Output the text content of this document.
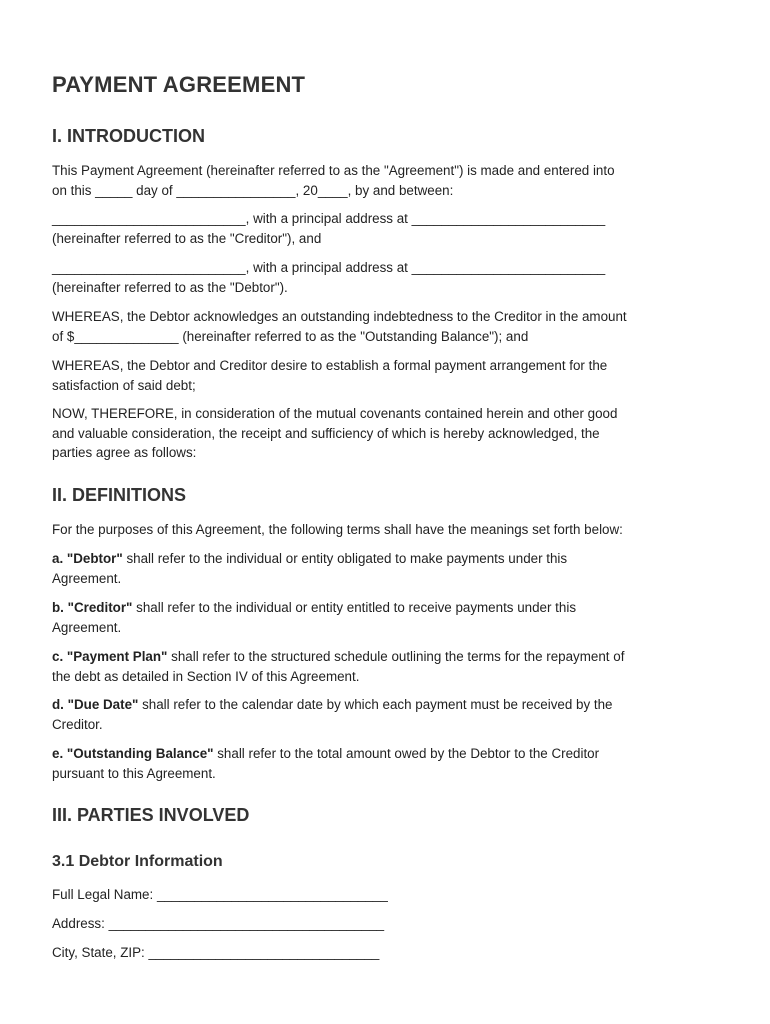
PAYMENT AGREEMENT
I. INTRODUCTION

This Payment Agreement (hereinafter referred to as the "Agreement") is made and entered into
on this _____ day of ________________, 20____, by and between:

__________________________, with a principal address at __________________________
(hereinafter referred to as the "Creditor"), and

__________________________, with a principal address at __________________________
(hereinafter referred to as the "Debtor").

WHEREAS, the Debtor acknowledges an outstanding indebtedness to the Creditor in the amount
of $______________ (hereinafter referred to as the "Outstanding Balance"); and

WHEREAS, the Debtor and Creditor desire to establish a formal payment arrangement for the
satisfaction of said debt;

NOW, THEREFORE, in consideration of the mutual covenants contained herein and other good
and valuable consideration, the receipt and sufficiency of which is hereby acknowledged, the
parties agree as follows:

II. DEFINITIONS

For the purposes of this Agreement, the following terms shall have the meanings set forth below:

a. "Debtor" shall refer to the individual or entity obligated to make payments under this
Agreement.

b. "Creditor" shall refer to the individual or entity entitled to receive payments under this
Agreement.

c. "Payment Plan" shall refer to the structured schedule outlining the terms for the repayment of
the debt as detailed in Section IV of this Agreement.

d. "Due Date" shall refer to the calendar date by which each payment must be received by the
Creditor.

e. "Outstanding Balance" shall refer to the total amount owed by the Debtor to the Creditor
pursuant to this Agreement.

III. PARTIES INVOLVED
3.1 Debtor Information

Full Legal Name: _______________________________

Address: _____________________________________

City, State, ZIP: _______________________________
